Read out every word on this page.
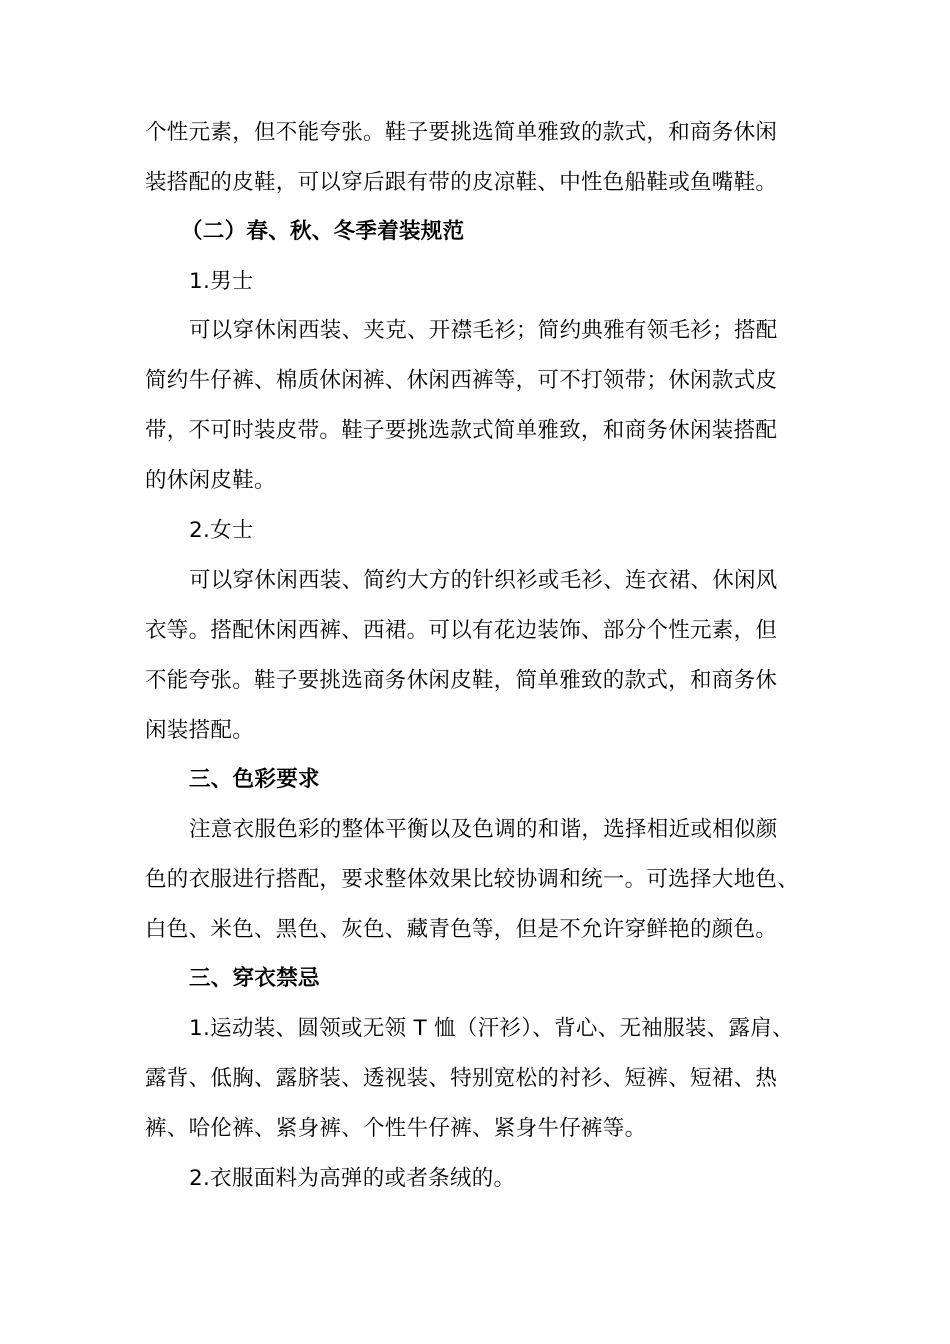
个性元素，但不能夸张。鞋子要挑选简单雅致的款式，和商务休闲
装搭配的皮鞋，可以穿后跟有带的皮凉鞋、中性色船鞋或鱼嘴鞋。
（二）春、秋、冬季着装规范
1.男士
可以穿休闲西装、夹克、开襟毛衫；简约典雅有领毛衫；搭配
简约牛仔裤、棉质休闲裤、休闲西裤等，可不打领带；休闲款式皮
带，不可时装皮带。鞋子要挑选款式简单雅致，和商务休闲装搭配
的休闲皮鞋。
2.女士
可以穿休闲西装、简约大方的针织衫或毛衫、连衣裙、休闲风
衣等。搭配休闲西裤、西裙。可以有花边装饰、部分个性元素，但
不能夸张。鞋子要挑选商务休闲皮鞋，简单雅致的款式，和商务休
闲装搭配。
三、色彩要求
注意衣服色彩的整体平衡以及色调的和谐，选择相近或相似颜
色的衣服进行搭配，要求整体效果比较协调和统一。可选择大地色、
白色、米色、黑色、灰色、藏青色等，但是不允许穿鲜艳的颜色。
三、穿衣禁忌
1.运动装、圆领或无领 T 恤（汗衫）、背心、无袖服装、露肩、
露背、低胸、露脐装、透视装、特别宽松的衬衫、短裤、短裙、热
裤、哈伦裤、紧身裤、个性牛仔裤、紧身牛仔裤等。
2.衣服面料为高弹的或者条绒的。
